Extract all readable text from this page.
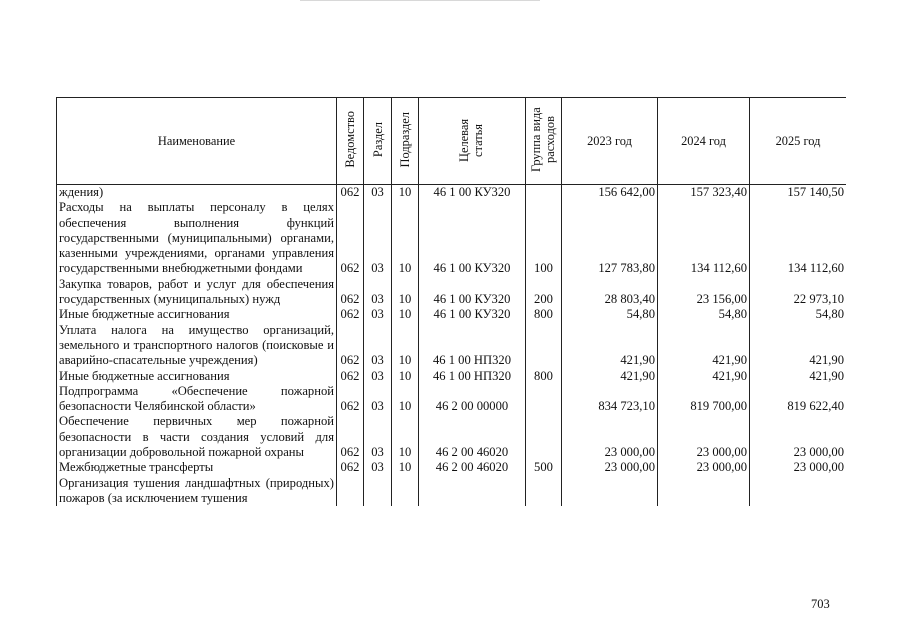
Наименование	Ведомство	Раздел	Подраздел	Целевая статья	Группа вида расходов	2023 год	2024 год	2025 год
ждения)	062	03	10	46 1 00 КУ320		156 642,00	157 323,40	157 140,50
Расходы на выплаты персоналу в целях обеспечения выполнения функций государственными (муниципальными) органами, казенными учреждениями, органами управления государственными внебюджетными фондами	062	03	10	46 1 00 КУ320	100	127 783,80	134 112,60	134 112,60
Закупка товаров, работ и услуг для обеспечения государственных (муниципальных) нужд	062	03	10	46 1 00 КУ320	200	28 803,40	23 156,00	22 973,10
Иные бюджетные ассигнования	062	03	10	46 1 00 КУ320	800	54,80	54,80	54,80
Уплата налога на имущество организаций, земельного и транспортного налогов (поисковые и аварийно-спасательные учреждения)	062	03	10	46 1 00 НП320		421,90	421,90	421,90
Иные бюджетные ассигнования	062	03	10	46 1 00 НП320	800	421,90	421,90	421,90
Подпрограмма «Обеспечение пожарной безопасности Челябинской области»	062	03	10	46 2 00 00000		834 723,10	819 700,00	819 622,40
Обеспечение первичных мер пожарной безопасности в части создания условий для организации добровольной пожарной охраны	062	03	10	46 2 00 46020		23 000,00	23 000,00	23 000,00
Межбюджетные трансферты	062	03	10	46 2 00 46020	500	23 000,00	23 000,00	23 000,00
Организация тушения ландшафтных (природных) пожаров (за исключением тушения								
703
